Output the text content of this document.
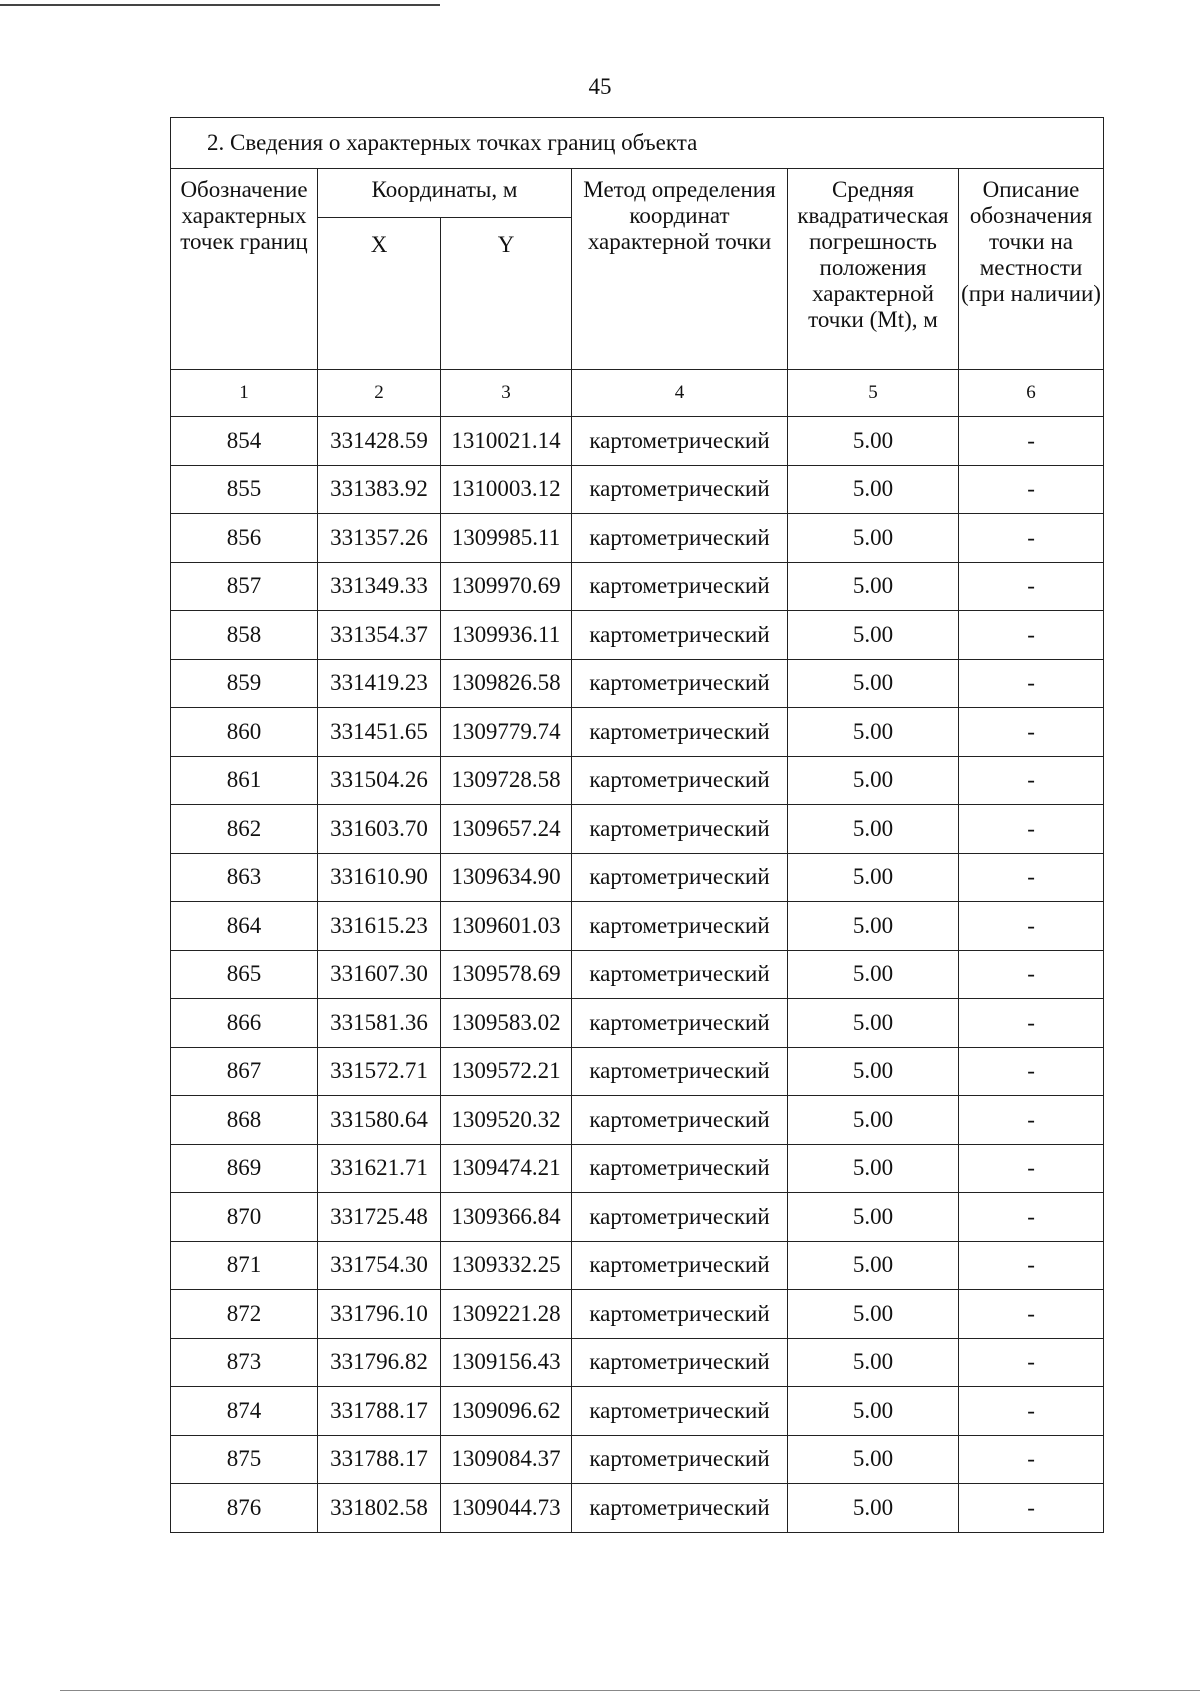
45
2. Сведения о характерных точках границ объекта					
Обозначение характерных точек границ	Координаты, м		Метод определения координат характерной точки	Средняя квадратическая погрешность положения характерной точки (Mt), м	Описание обозначения точки на местности (при наличии)
	X	Y			
1	2	3	4	5	6
854	331428.59	1310021.14	картометрический	5.00	-
855	331383.92	1310003.12	картометрический	5.00	-
856	331357.26	1309985.11	картометрический	5.00	-
857	331349.33	1309970.69	картометрический	5.00	-
858	331354.37	1309936.11	картометрический	5.00	-
859	331419.23	1309826.58	картометрический	5.00	-
860	331451.65	1309779.74	картометрический	5.00	-
861	331504.26	1309728.58	картометрический	5.00	-
862	331603.70	1309657.24	картометрический	5.00	-
863	331610.90	1309634.90	картометрический	5.00	-
864	331615.23	1309601.03	картометрический	5.00	-
865	331607.30	1309578.69	картометрический	5.00	-
866	331581.36	1309583.02	картометрический	5.00	-
867	331572.71	1309572.21	картометрический	5.00	-
868	331580.64	1309520.32	картометрический	5.00	-
869	331621.71	1309474.21	картометрический	5.00	-
870	331725.48	1309366.84	картометрический	5.00	-
871	331754.30	1309332.25	картометрический	5.00	-
872	331796.10	1309221.28	картометрический	5.00	-
873	331796.82	1309156.43	картометрический	5.00	-
874	331788.17	1309096.62	картометрический	5.00	-
875	331788.17	1309084.37	картометрический	5.00	-
876	331802.58	1309044.73	картометрический	5.00	-
